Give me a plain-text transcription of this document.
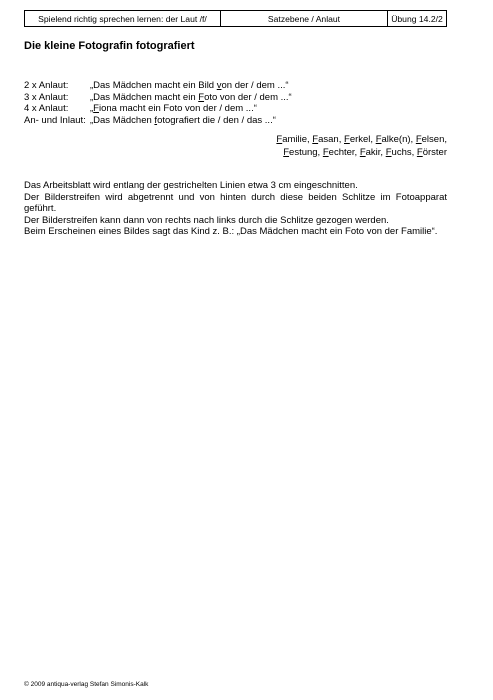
Spielend richtig sprechen lernen: der Laut /f/	Satzebene / Anlaut	Übung 14.2/2
Die kleine Fotografin fotografiert
2 x Anlaut:	„Das Mädchen macht ein Bild von der / dem ...“
3 x Anlaut:	„Das Mädchen macht ein Foto von der / dem ...“
4 x Anlaut:	„Fiona macht ein Foto von der / dem ...“
An- und Inlaut: „Das Mädchen fotografiert die / den / das ...“
Familie, Fasan, Ferkel, Falke(n), Felsen,
Festung, Fechter, Fakir, Fuchs, Förster

Das Arbeitsblatt wird entlang der gestrichelten Linien etwa 3 cm eingeschnitten.

Der Bilderstreifen wird abgetrennt und von hinten durch diese beiden Schlitze im Fotoapparat geführt.

Der Bilderstreifen kann dann von rechts nach links durch die Schlitze gezogen werden.

Beim Erscheinen eines Bildes sagt das Kind z. B.: „Das Mädchen macht ein Foto von der Familie“.

© 2009 antiqua-verlag Stefan Simonis-Kalk
